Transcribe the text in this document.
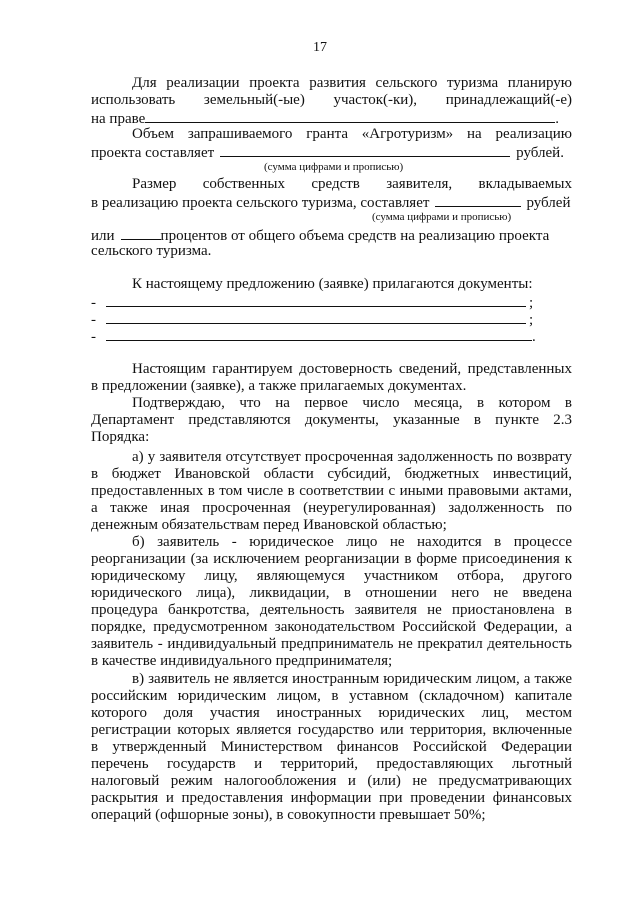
17
Для реализации проекта развития сельского туризма планирую
использовать земельный(-ые) участок(-ки), принадлежащий(-е)
на праве	.
Объем запрашиваемого гранта «Агротуризм» на реализацию
проекта составляет	рублей.
(сумма цифрами и прописью)
Размер собственных средств заявителя, вкладываемых
в реализацию проекта сельского туризма, составляет	рублей
(сумма цифрами и прописью)
или	процентов от общего объема средств на реализацию проекта
сельского туризма.
К настоящему предложению (заявке) прилагаются документы:
-	;
-	;
-	.
Настоящим гарантируем достоверность сведений, представленных
в предложении (заявке), а также прилагаемых документах.
Подтверждаю, что на первое число месяца, в котором в
Департамент представляются документы, указанные в пункте 2.3
Порядка:
а) у заявителя отсутствует просроченная задолженность по возврату
в бюджет Ивановской области субсидий, бюджетных инвестиций,
предоставленных в том числе в соответствии с иными правовыми актами,
а также иная просроченная (неурегулированная) задолженность по
денежным обязательствам перед Ивановской областью;
б) заявитель - юридическое лицо не находится в процессе
реорганизации (за исключением реорганизации в форме присоединения к
юридическому лицу, являющемуся участником отбора, другого
юридического лица), ликвидации, в отношении него не введена
процедура банкротства, деятельность заявителя не приостановлена в
порядке, предусмотренном законодательством Российской Федерации, а
заявитель - индивидуальный предприниматель не прекратил деятельность
в качестве индивидуального предпринимателя;
в) заявитель не является иностранным юридическим лицом, а также
российским юридическим лицом, в уставном (складочном) капитале
которого доля участия иностранных юридических лиц, местом
регистрации которых является государство или территория, включенные
в утвержденный Министерством финансов Российской Федерации
перечень государств и территорий, предоставляющих льготный
налоговый режим налогообложения и (или) не предусматривающих
раскрытия и предоставления информации при проведении финансовых
операций (офшорные зоны), в совокупности превышает 50%;
